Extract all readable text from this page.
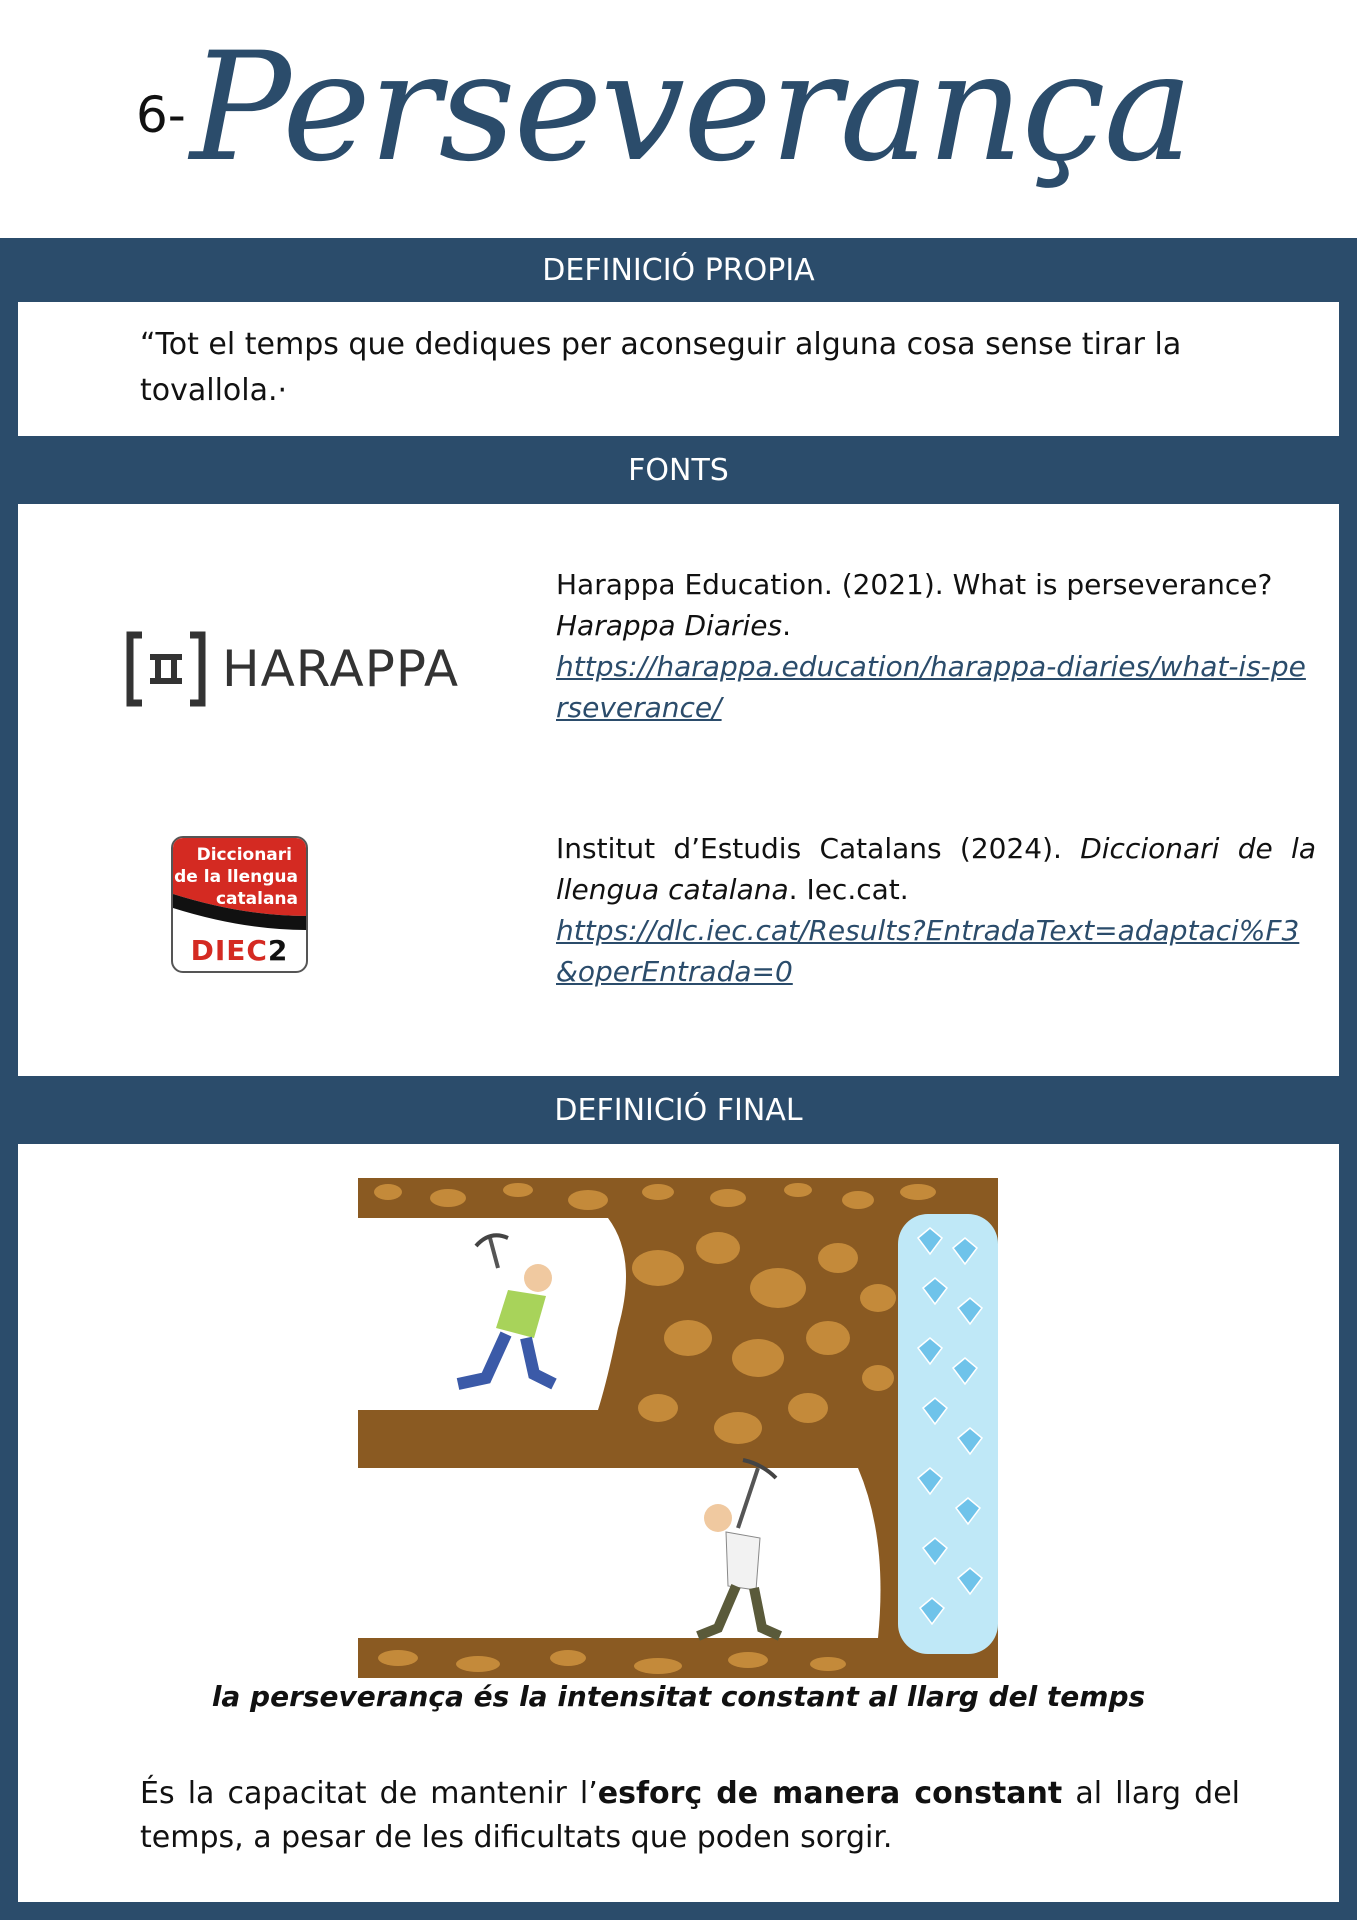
6- Perseverança
DEFINICIÓ PROPIA
“Tot el temps que dediques per aconseguir alguna cosa sense tirar la tovallola.·
FONTS
HARAPPA
Harappa Education. (2021). What is perseverance?
Harappa Diaries.
https://harappa.education/harappa-diaries/what-is-perseverance/
Diccionari
de la llengua
catalana
DIEC2
Institut d’Estudis Catalans (2024). Diccionari de la llengua catalana. Iec.cat.
https://dlc.iec.cat/Results?EntradaText=adaptaci%F3&operEntrada=0
DEFINICIÓ FINAL
la perseverança és la intensitat constant al llarg del temps
És la capacitat de mantenir l’esforç de manera constant al llarg del temps, a pesar de les dificultats que poden sorgir.
